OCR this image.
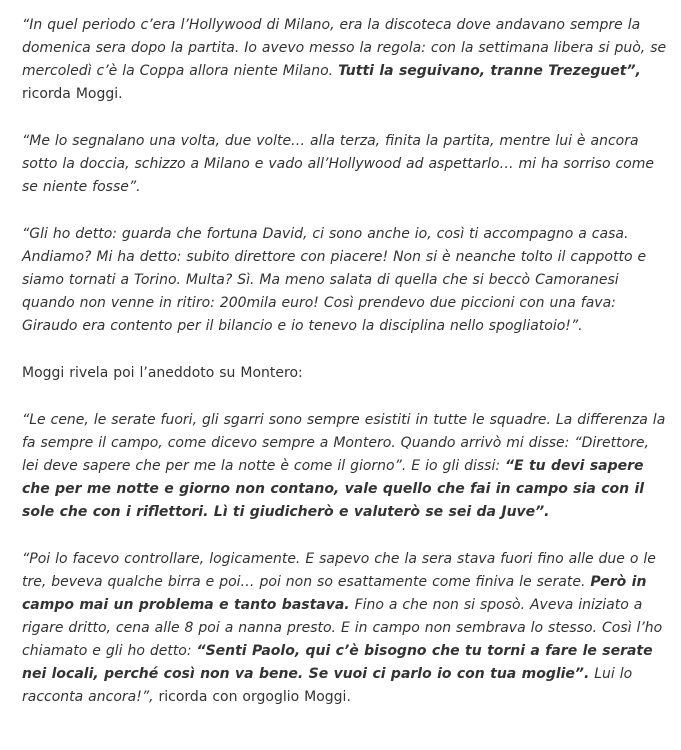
“In quel periodo c’era l’Hollywood di Milano, era la discoteca dove andavano sempre la domenica sera dopo la partita. Io avevo messo la regola: con la settimana libera si può, se mercoledì c’è la Coppa allora niente Milano. Tutti la seguivano, tranne Trezeguet”, ricorda Moggi.

“Me lo segnalano una volta, due volte… alla terza, finita la partita, mentre lui è ancora sotto la doccia, schizzo a Milano e vado all’Hollywood ad aspettarlo… mi ha sorriso come se niente fosse”.

“Gli ho detto: guarda che fortuna David, ci sono anche io, così ti accompagno a casa. Andiamo? Mi ha detto: subito direttore con piacere! Non si è neanche tolto il cappotto e siamo tornati a Torino. Multa? Sì. Ma meno salata di quella che si beccò Camoranesi quando non venne in ritiro: 200mila euro! Così prendevo due piccioni con una fava: Giraudo era contento per il bilancio e io tenevo la disciplina nello spogliatoio!”.

Moggi rivela poi l’aneddoto su Montero:

“Le cene, le serate fuori, gli sgarri sono sempre esistiti in tutte le squadre. La differenza la fa sempre il campo, come dicevo sempre a Montero. Quando arrivò mi disse: “Direttore, lei deve sapere che per me la notte è come il giorno”. E io gli dissi: “E tu devi sapere che per me notte e giorno non contano, vale quello che fai in campo sia con il sole che con i riflettori. Lì ti giudicherò e valuterò se sei da Juve”.

“Poi lo facevo controllare, logicamente. E sapevo che la sera stava fuori fino alle due o le tre, beveva qualche birra e poi… poi non so esattamente come finiva le serate. Però in campo mai un problema e tanto bastava. Fino a che non si sposò. Aveva iniziato a rigare dritto, cena alle 8 poi a nanna presto. E in campo non sembrava lo stesso. Così l’ho chiamato e gli ho detto: “Senti Paolo, qui c’è bisogno che tu torni a fare le serate nei locali, perché così non va bene. Se vuoi ci parlo io con tua moglie”. Lui lo racconta ancora!”, ricorda con orgoglio Moggi.
